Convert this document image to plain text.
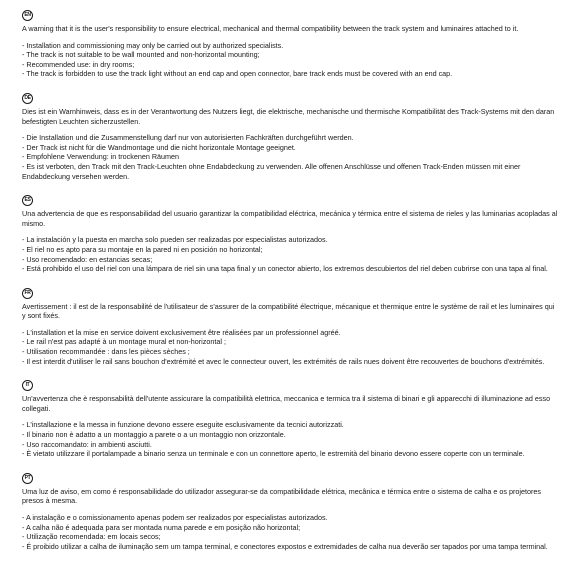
EN

A warning that it is the user's responsibility to ensure electrical, mechanical and thermal compatibility between the track system and luminaires attached to it.

- Installation and commissioning may only be carried out by authorized specialists.
- The track is not suitable to be wall mounted and non-horizontal mounting;
- Recommended use: in dry rooms;
- The track is forbidden to use the track light without an end cap and open connector, bare track ends must be covered with an end cap.
DE

Dies ist ein Warnhinweis, dass es in der Verantwortung des Nutzers liegt, die elektrische, mechanische und thermische Kompatibilität des Track-Systems mit den daran befestigten Leuchten sicherzustellen.

- Die Installation und die Zusammenstellung darf nur von autorisierten Fachkräften durchgeführt werden.
- Der Track ist nicht für die Wandmontage und die nicht horizontale Montage geeignet.
- Empfohlene Verwendung: in trockenen Räumen
- Es ist verboten, den Track mit den Track-Leuchten ohne Endabdeckung zu verwenden. Alle offenen Anschlüsse und offenen Track-Enden müssen mit einer Endabdeckung versehen werden.
ES

Una advertencia de que es responsabilidad del usuario garantizar la compatibilidad eléctrica, mecánica y térmica entre el sistema de rieles y las luminarias acopladas al mismo.

- La instalación y la puesta en marcha solo pueden ser realizadas por especialistas autorizados.
- El riel no es apto para su montaje en la pared ni en posición no horizontal;
- Uso recomendado: en estancias secas;
- Está prohibido el uso del riel con una lámpara de riel sin una tapa final y un conector abierto, los extremos descubiertos del riel deben cubrirse con una tapa al final.
FR

Avertissement : il est de la responsabilité de l'utilisateur de s'assurer de la compatibilité électrique, mécanique et thermique entre le système de rail et les luminaires qui y sont fixés.

- L'installation et la mise en service doivent exclusivement être réalisées par un professionnel agréé.
- Le rail n'est pas adapté à un montage mural et non-horizontal ;
- Utilisation recommandée : dans les pièces sèches ;
- Il est interdit d'utiliser le rail sans bouchon d'extrémité et avec le connecteur ouvert, les extrémités de rails nues doivent être recouvertes de bouchons d'extrémités.
IT

Un'avvertenza che è responsabilità dell'utente assicurare la compatibilità elettrica, meccanica e termica tra il sistema di binari e gli apparecchi di illuminazione ad esso collegati.

- L'installazione e la messa in funzione devono essere eseguite esclusivamente da tecnici autorizzati.
- Il binario non è adatto a un montaggio a parete o a un montaggio non orizzontale.
- Uso raccomandato: in ambienti asciutti.
- È vietato utilizzare il portalampade a binario senza un terminale e con un connettore aperto, le estremità del binario devono essere coperte con un terminale.
PT

Uma luz de aviso, em como é responsabilidade do utilizador assegurar-se da compatibilidade elétrica, mecânica e térmica entre o sistema de calha e os projetores presos à mesma.

- A instalação e o comissionamento apenas podem ser realizados por especialistas autorizados.
- A calha não é adequada para ser montada numa parede e em posição não horizontal;
- Utilização recomendada: em locais secos;
- É proibido utilizar a calha de iluminação sem um tampa terminal, e conectores expostos e extremidades de calha nua deverão ser tapados por uma tampa terminal.
